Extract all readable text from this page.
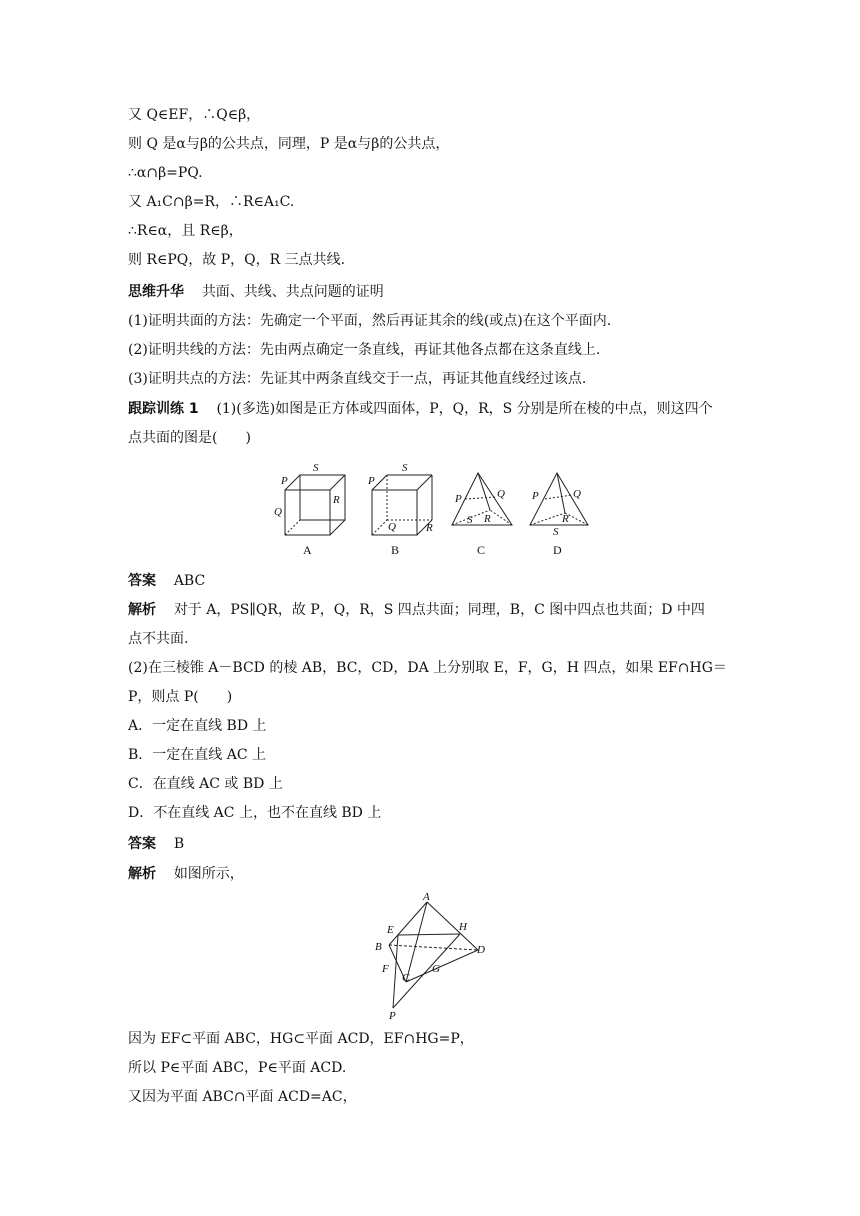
又 Q∈EF，∴Q∈β，
则 Q 是α与β的公共点，同理，P 是α与β的公共点，
∴α∩β=PQ.
又 A₁C∩β=R，∴R∈A₁C.
∴R∈α，且 R∈β，
则 R∈PQ，故 P，Q，R 三点共线.
思维升华 共面、共线、共点问题的证明
(1)证明共面的方法：先确定一个平面，然后再证其余的线(或点)在这个平面内.
(2)证明共线的方法：先由两点确定一条直线，再证其他各点都在这条直线上.
(3)证明共点的方法：先证其中两条直线交于一点，再证其他直线经过该点.
跟踪训练 1 (1)(多选)如图是正方体或四面体，P，Q，R，S 分别是所在棱的中点，则这四个
点共面的图是(　　)
P
S
Q
R
P
S
Q	R
P	Q
S R
P	Q
S
R
A	B	C	D
答案 ABC
解析 对于 A，PS∥QR，故 P，Q，R，S 四点共面；同理，B，C 图中四点也共面；D 中四
点不共面.
(2)在三棱锥 A－BCD 的棱 AB，BC，CD，DA 上分别取 E，F，G，H 四点，如果 EF∩HG＝
P，则点 P(　　)
A．一定在直线 BD 上
B．一定在直线 AC 上
C．在直线 AC 或 BD 上
D．不在直线 AC 上，也不在直线 BD 上
答案 B
解析 如图所示，
A
E	H
B	D
F
C
G
P
因为 EF⊂平面 ABC，HG⊂平面 ACD，EF∩HG=P，
所以 P∈平面 ABC，P∈平面 ACD.
又因为平面 ABC∩平面 ACD=AC，
